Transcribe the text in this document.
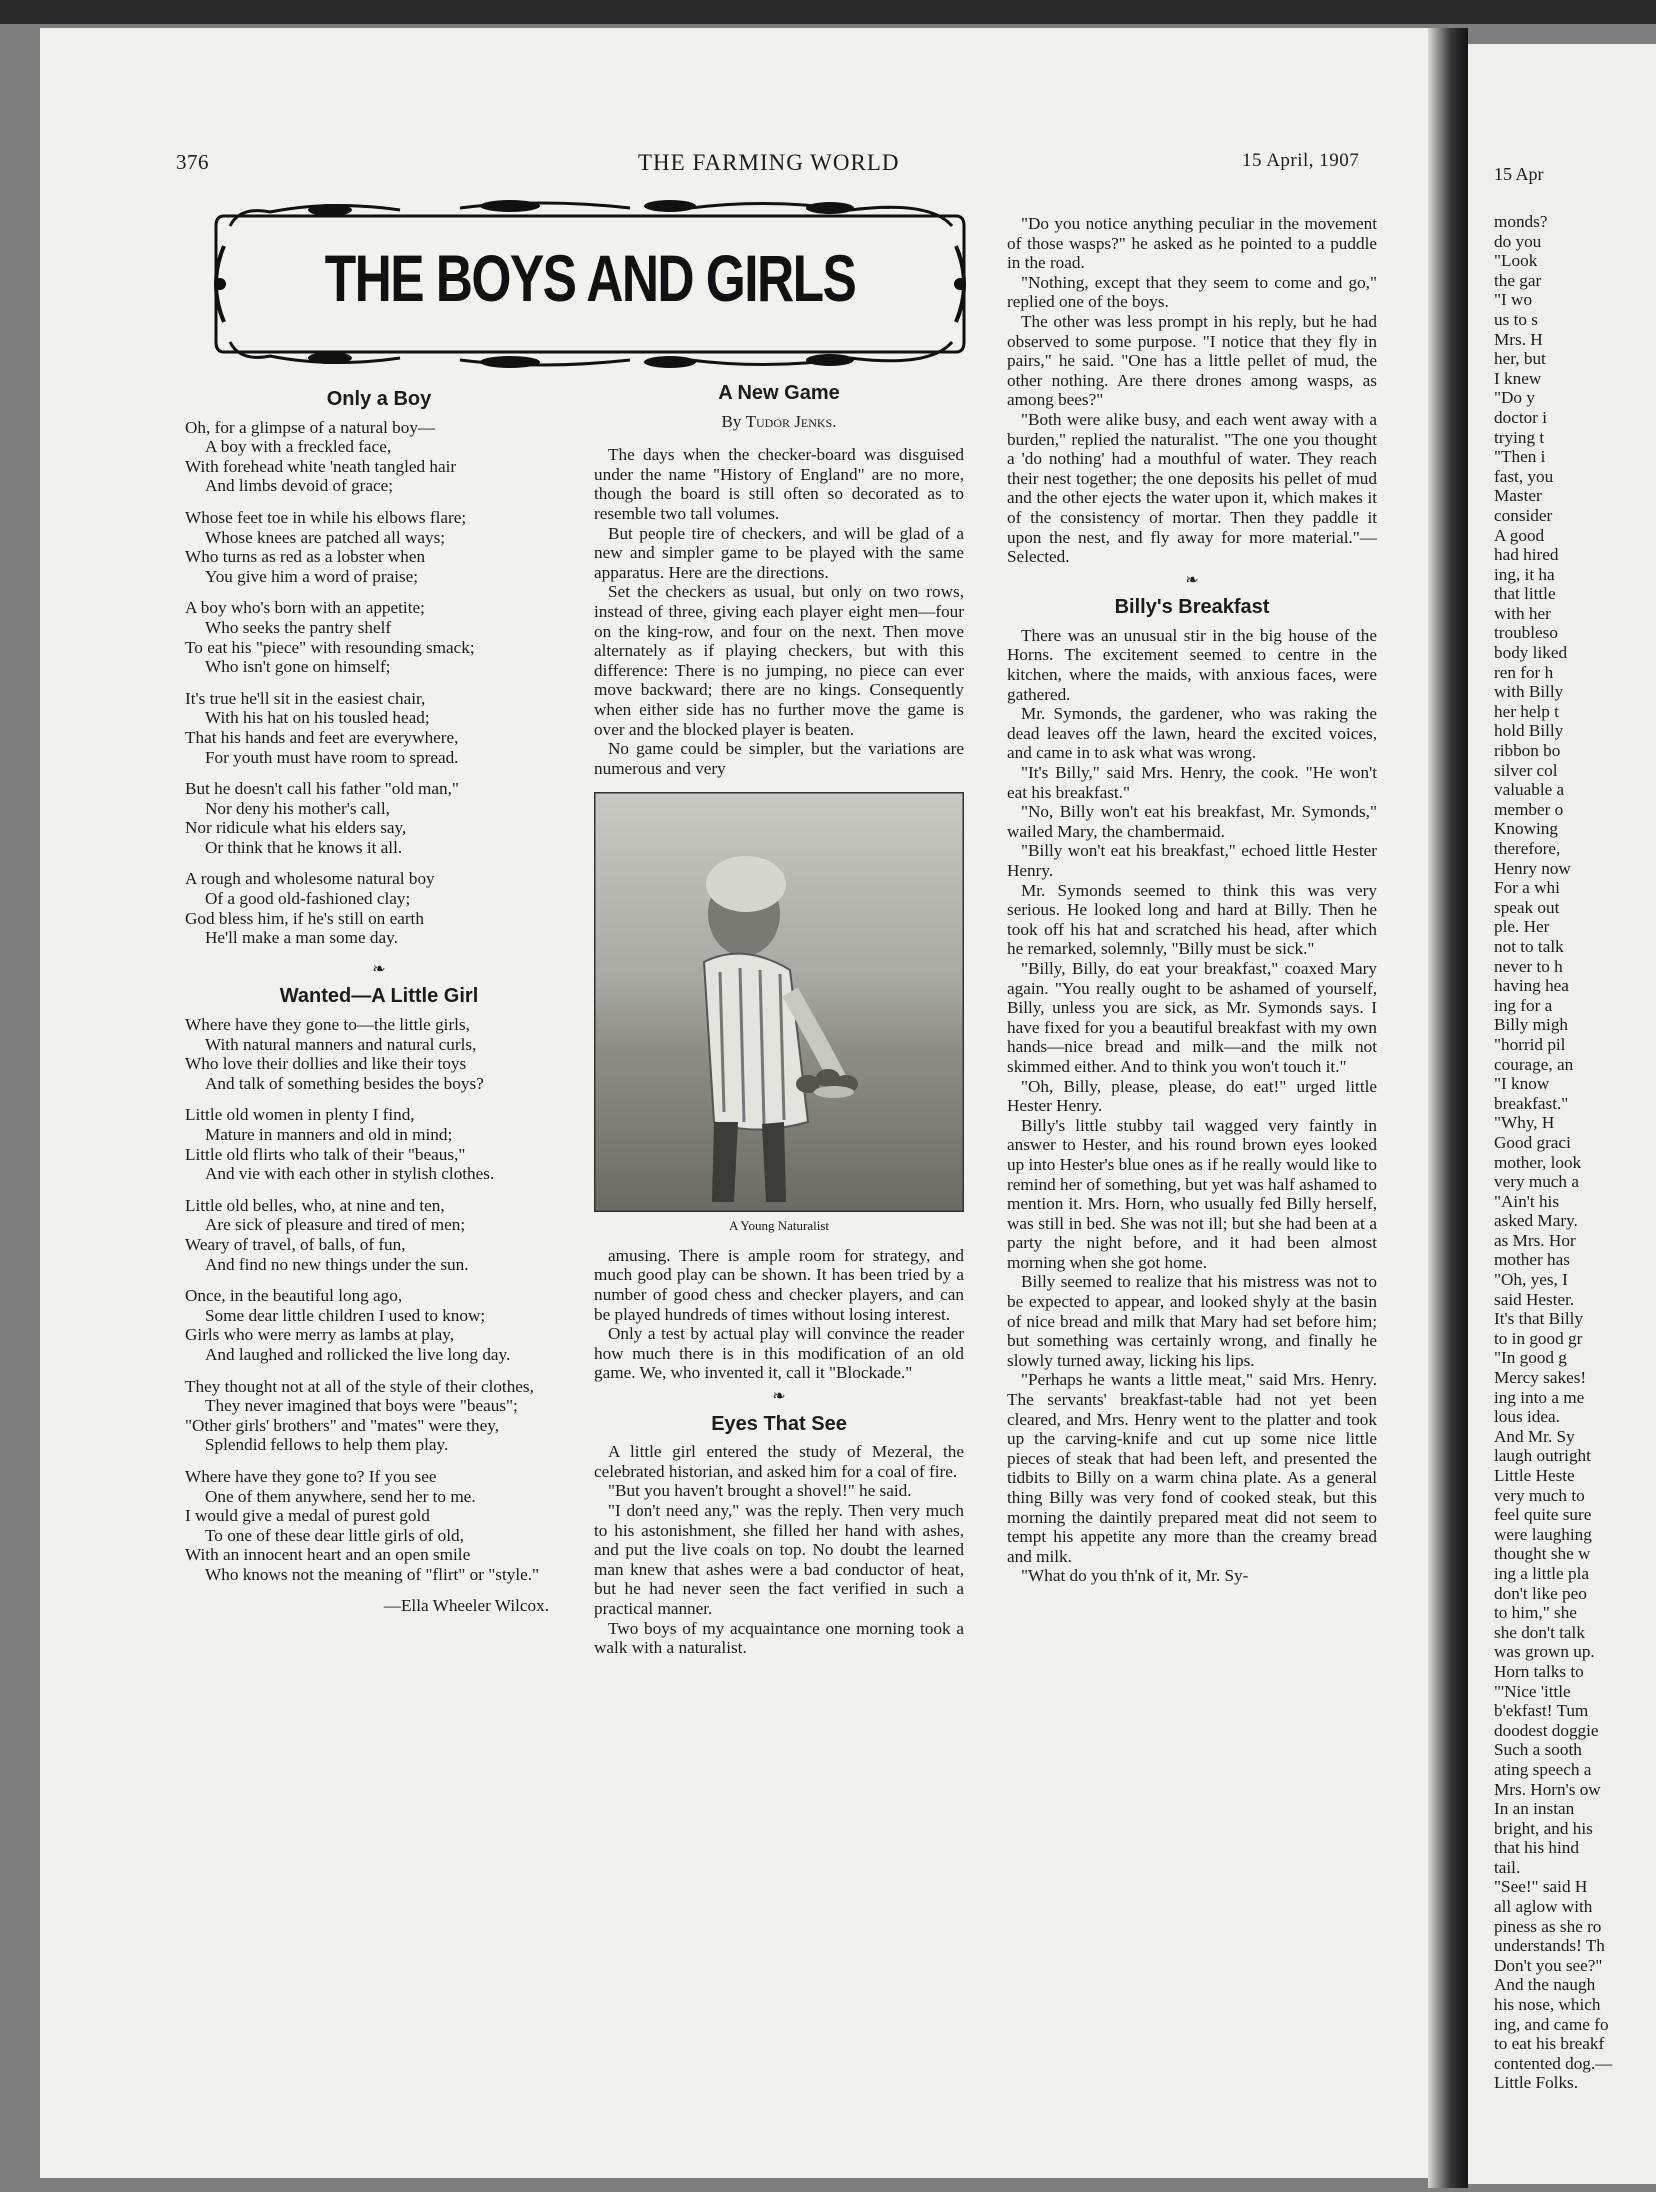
376	THE FARMING WORLD	15 April, 1907
THE BOYS AND GIRLS
Only a Boy
Oh, for a glimpse of a natural boy—
A boy with a freckled face,
With forehead white 'neath tangled hair
And limbs devoid of grace;
Whose feet toe in while his elbows flare;
Whose knees are patched all ways;
Who turns as red as a lobster when
You give him a word of praise;
A boy who's born with an appetite;
Who seeks the pantry shelf
To eat his "piece" with resounding smack;
Who isn't gone on himself;
It's true he'll sit in the easiest chair,
With his hat on his tousled head;
That his hands and feet are everywhere,
For youth must have room to spread.
But he doesn't call his father "old man,"
Nor deny his mother's call,
Nor ridicule what his elders say,
Or think that he knows it all.
A rough and wholesome natural boy
Of a good old-fashioned clay;
God bless him, if he's still on earth
He'll make a man some day.
❧
Wanted—A Little Girl
Where have they gone to—the little girls,
With natural manners and natural curls,
Who love their dollies and like their toys
And talk of something besides the boys?
Little old women in plenty I find,
Mature in manners and old in mind;
Little old flirts who talk of their "beaus,"
And vie with each other in stylish clothes.
Little old belles, who, at nine and ten,
Are sick of pleasure and tired of men;
Weary of travel, of balls, of fun,
And find no new things under the sun.
Once, in the beautiful long ago,
Some dear little children I used to know;
Girls who were merry as lambs at play,
And laughed and rollicked the live long day.
They thought not at all of the style of their clothes,
They never imagined that boys were "beaus";
"Other girls' brothers" and "mates" were they,
Splendid fellows to help them play.
Where have they gone to? If you see
One of them anywhere, send her to me.
I would give a medal of purest gold
To one of these dear little girls of old,
With an innocent heart and an open smile
Who knows not the meaning of "flirt" or "style."
—Ella Wheeler Wilcox.
A New Game
By Tudor Jenks.

The days when the checker-board was disguised under the name "History of England" are no more, though the board is still often so decorated as to resemble two tall volumes.

But people tire of checkers, and will be glad of a new and simpler game to be played with the same apparatus. Here are the directions.

Set the checkers as usual, but only on two rows, instead of three, giving each player eight men—four on the king-row, and four on the next. Then move alternately as if playing checkers, but with this difference: There is no jumping, no piece can ever move backward; there are no kings. Consequently when either side has no further move the game is over and the blocked player is beaten.

No game could be simpler, but the variations are numerous and very

A Young Naturalist

amusing. There is ample room for strategy, and much good play can be shown. It has been tried by a number of good chess and checker players, and can be played hundreds of times without losing interest.

Only a test by actual play will convince the reader how much there is in this modification of an old game. We, who invented it, call it "Blockade."

❧
Eyes That See

A little girl entered the study of Mezeral, the celebrated historian, and asked him for a coal of fire.

"But you haven't brought a shovel!" he said.

"I don't need any," was the reply. Then very much to his astonishment, she filled her hand with ashes, and put the live coals on top. No doubt the learned man knew that ashes were a bad conductor of heat, but he had never seen the fact verified in such a practical manner.

Two boys of my acquaintance one morning took a walk with a naturalist.

"Do you notice anything peculiar in the movement of those wasps?" he asked as he pointed to a puddle in the road.

"Nothing, except that they seem to come and go," replied one of the boys.

The other was less prompt in his reply, but he had observed to some purpose. "I notice that they fly in pairs," he said. "One has a little pellet of mud, the other nothing. Are there drones among wasps, as among bees?"

"Both were alike busy, and each went away with a burden," replied the naturalist. "The one you thought a 'do nothing' had a mouthful of water. They reach their nest together; the one deposits his pellet of mud and the other ejects the water upon it, which makes it of the consistency of mortar. Then they paddle it upon the nest, and fly away for more material."—Selected.

❧
Billy's Breakfast

There was an unusual stir in the big house of the Horns. The excitement seemed to centre in the kitchen, where the maids, with anxious faces, were gathered.

Mr. Symonds, the gardener, who was raking the dead leaves off the lawn, heard the excited voices, and came in to ask what was wrong.

"It's Billy," said Mrs. Henry, the cook. "He won't eat his breakfast."

"No, Billy won't eat his breakfast, Mr. Symonds," wailed Mary, the chambermaid.

"Billy won't eat his breakfast," echoed little Hester Henry.

Mr. Symonds seemed to think this was very serious. He looked long and hard at Billy. Then he took off his hat and scratched his head, after which he remarked, solemnly, "Billy must be sick."

"Billy, Billy, do eat your breakfast," coaxed Mary again. "You really ought to be ashamed of yourself, Billy, unless you are sick, as Mr. Symonds says. I have fixed for you a beautiful breakfast with my own hands—nice bread and milk—and the milk not skimmed either. And to think you won't touch it."

"Oh, Billy, please, please, do eat!" urged little Hester Henry.

Billy's little stubby tail wagged very faintly in answer to Hester, and his round brown eyes looked up into Hester's blue ones as if he really would like to remind her of something, but yet was half ashamed to mention it. Mrs. Horn, who usually fed Billy herself, was still in bed. She was not ill; but she had been at a party the night before, and it had been almost morning when she got home.

Billy seemed to realize that his mistress was not to be expected to appear, and looked shyly at the basin of nice bread and milk that Mary had set before him; but something was certainly wrong, and finally he slowly turned away, licking his lips.

"Perhaps he wants a little meat," said Mrs. Henry. The servants' breakfast-table had not yet been cleared, and Mrs. Henry went to the platter and took up the carving-knife and cut up some nice little pieces of steak that had been left, and presented the tidbits to Billy on a warm china plate. As a general thing Billy was very fond of cooked steak, but this morning the daintily prepared meat did not seem to tempt his appetite any more than the creamy bread and milk.

"What do you th'nk of it, Mr. Sy-

15 Apr
monds?
do you
"Look
the gar
"I wo
us to s
Mrs. H
her, but
I knew
"Do y
doctor i
trying t
"Then i
fast, you
Master
consider
A good
had hired
ing, it ha
that little
with her
troubleso
body liked
ren for h
with Billy
her help t
hold Billy
ribbon bo
silver col
valuable a
member o
Knowing
therefore,
Henry now
For a whi
speak out
ple. Her
not to talk
never to h
having hea
ing for a
Billy migh
"horrid pil
courage, an
"I know
breakfast."
"Why, H
Good graci
mother, look
very much a
"Ain't his
asked Mary.
as Mrs. Hor
mother has
"Oh, yes, I
said Hester.
It's that Billy
to in good gr
"In good g
Mercy sakes!
ing into a me
lous idea.
And Mr. Sy
laugh outright
Little Heste
very much to
feel quite sure
were laughing
thought she w
ing a little pla
don't like peo
to him," she
she don't talk
was grown up.
Horn talks to
"'Nice 'ittle
b'ekfast! Tum
doodest doggie
Such a sooth
ating speech a
Mrs. Horn's ow
In an instan
bright, and his
that his hind
tail.
"See!" said H
all aglow with
piness as she ro
understands! Th
Don't you see?"
And the naugh
his nose, which
ing, and came fo
to eat his breakf
contented dog.—
Little Folks.
